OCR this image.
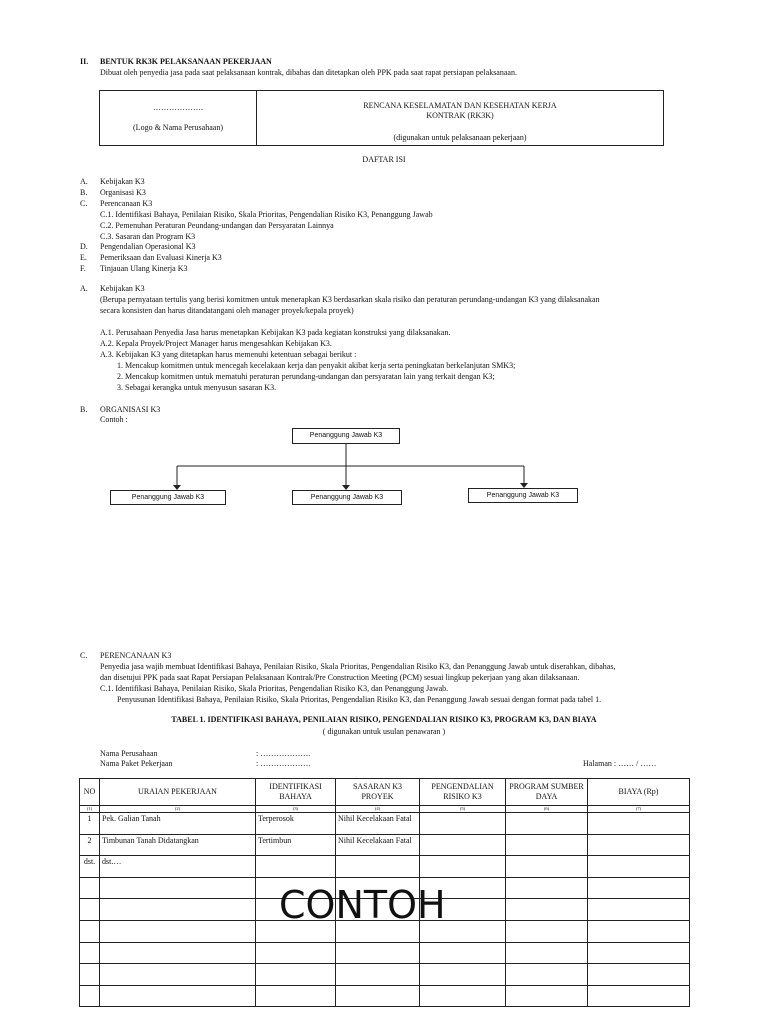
II. BENTUK RK3K PELAKSANAAN PEKERJAAN
Dibuat oleh penyedia jasa pada saat pelaksanaan kontrak, dibahas dan ditetapkan oleh PPK pada saat rapat persiapan pelaksanaan.
……………….
(Logo & Nama Perusahaan)
RENCANA KESELAMATAN DAN KESEHATAN KERJA
KONTRAK (RK3K)
(digunakan untuk pelaksanaan pekerjaan)
DAFTAR ISI
A. Kebijakan K3
B. Organisasi K3
C. Perencanaan K3
C.1. Identifikasi Bahaya, Penilaian Risiko, Skala Prioritas, Pengendalian Risiko K3, Penanggung Jawab
C.2. Pemenuhan Peraturan Peundang-undangan dan Persyaratan Lainnya
C.3. Sasaran dan Program K3
D. Pengendalian Operasional K3
E. Pemeriksaan dan Evaluasi Kinerja K3
F. Tinjauan Ulang Kinerja K3
A. Kebijakan K3
(Berupa pernyataan tertulis yang berisi komitmen untuk menerapkan K3 berdasarkan skala risiko dan peraturan perundang-undangan K3 yang dilaksanakan
secara konsisten dan harus ditandatangani oleh manager proyek/kepala proyek)
A.1. Perusahaan Penyedia Jasa harus menetapkan Kebijakan K3 pada kegiatan konstruksi yang dilaksanakan.
A.2. Kepala Proyek/Project Manager harus mengesahkan Kebijakan K3.
A.3. Kebijakan K3 yang ditetapkan harus memenuhi ketentuan sebagai berikut :
1. Mencakup komitmen untuk mencegah kecelakaan kerja dan penyakit akibat kerja serta peningkatan berkelanjutan SMK3;
2. Mencakup komitmen untuk mematuhi peraturan perundang-undangan dan persyaratan lain yang terkait dengan K3;
3. Sebagai kerangka untuk menyusun sasaran K3.
B. ORGANISASI K3
Contoh :
Penanggung Jawab K3
Penanggung Jawab K3	Penanggung Jawab K3	Penanggung Jawab K3
C. PERENCANAAN K3
Penyedia jasa wajib membuat Identifikasi Bahaya, Penilaian Risiko, Skala Prioritas, Pengendalian Risiko K3, dan Penanggung Jawab untuk diserahkan, dibahas,
dan disetujui PPK pada saat Rapat Persiapan Pelaksanaan Kontrak/Pre Construction Meeting (PCM) sesuai lingkup pekerjaan yang akan dilaksanaan.
C.1. Identifikasi Bahaya, Penilaian Risiko, Skala Prioritas, Pengendalian Risiko K3, dan Penanggung Jawab.
Penyusunan Identifikasi Bahaya, Penilaian Risiko, Skala Prioritas, Pengendalian Risiko K3, dan Penanggung Jawab sesuai dengan format pada tabel 1.
TABEL 1. IDENTIFIKASI BAHAYA, PENILAIAN RISIKO, PENGENDALIAN RISIKO K3, PROGRAM K3, DAN BIAYA
( digunakan untuk usulan penawaran )
Nama Perusahaan	: ……………….
Nama Paket Pekerjaan	: ……………….	Halaman : …… / ……
NO	URAIAN PEKERJAAN	IDENTIFIKASI BAHAYA	SASARAN K3 PROYEK	PENGENDALIAN RISIKO K3	PROGRAM SUMBER DAYA	BIAYA (Rp)
(1)	(2)	(3)	(4)	(5)	(6)	(7)
1	Pek. Galian Tanah	Terperosok	Nihil Kecelakaan Fatal			
2	Timbunan Tanah Didatangkan	Tertimbun	Nihil Kecelakaan Fatal			
dst.	dst.…					

CONTOH
